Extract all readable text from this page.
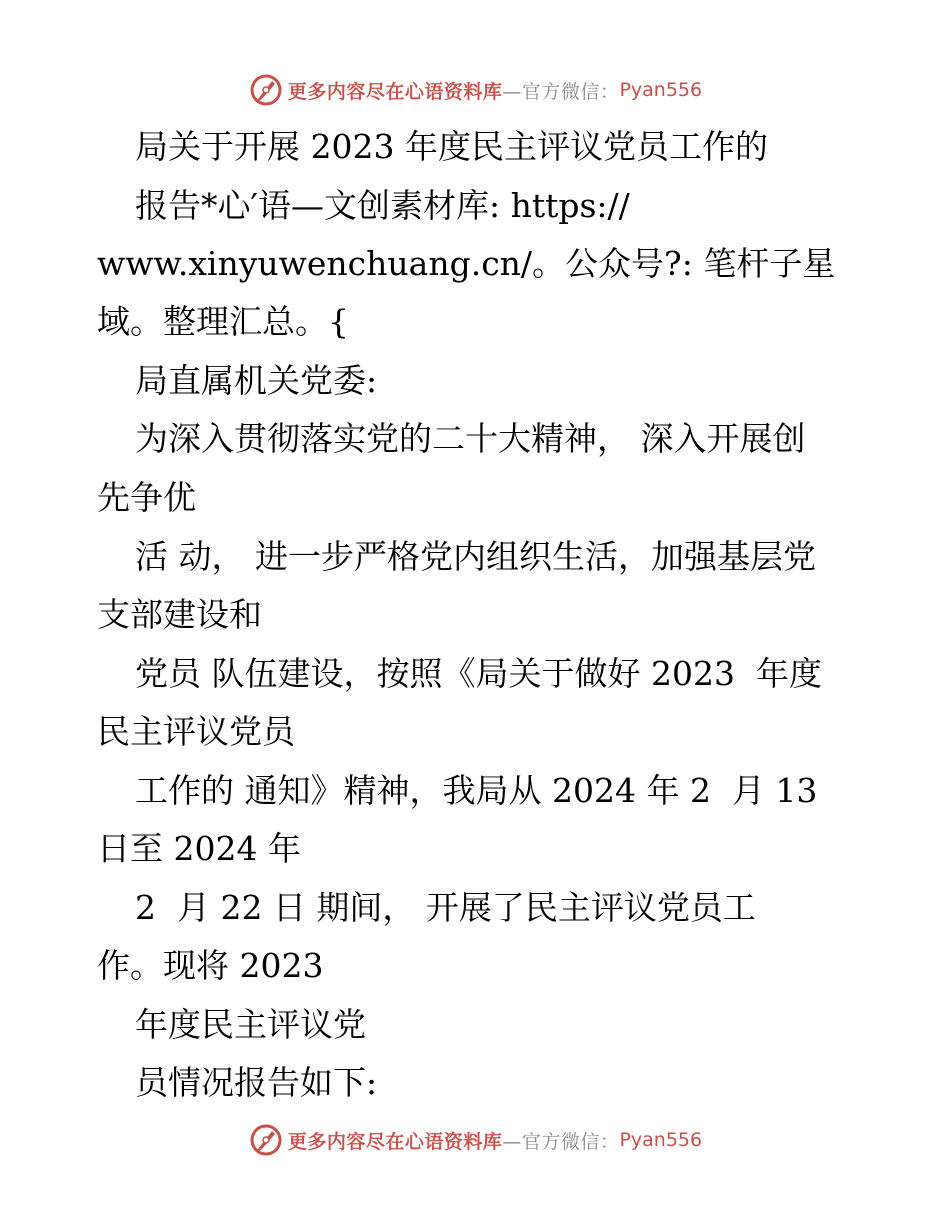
更多内容尽在心语资料库 —官方微信： Pyan556
局关于开展 2023 年度民主评议党员工作的
报告*心′语—文创素材库: https://
www.xinyuwenchuang.cn/。公众号?: 笔杆子星
域。整理汇总。{
局直属机关党委:
为深入贯彻落实党的二十大精神， 深入开展创
先争优
活 动， 进一步严格党内组织生活，加强基层党
支部建设和
党员 队伍建设，按照《局关于做好 2023  年度
民主评议党员
工作的 通知》精神，我局从 2024 年 2  月 13
日至 2024 年
2  月 22 日 期间， 开展了民主评议党员工
作。现将 2023
年度民主评议党
员情况报告如下:
更多内容尽在心语资料库 —官方微信： Pyan556
